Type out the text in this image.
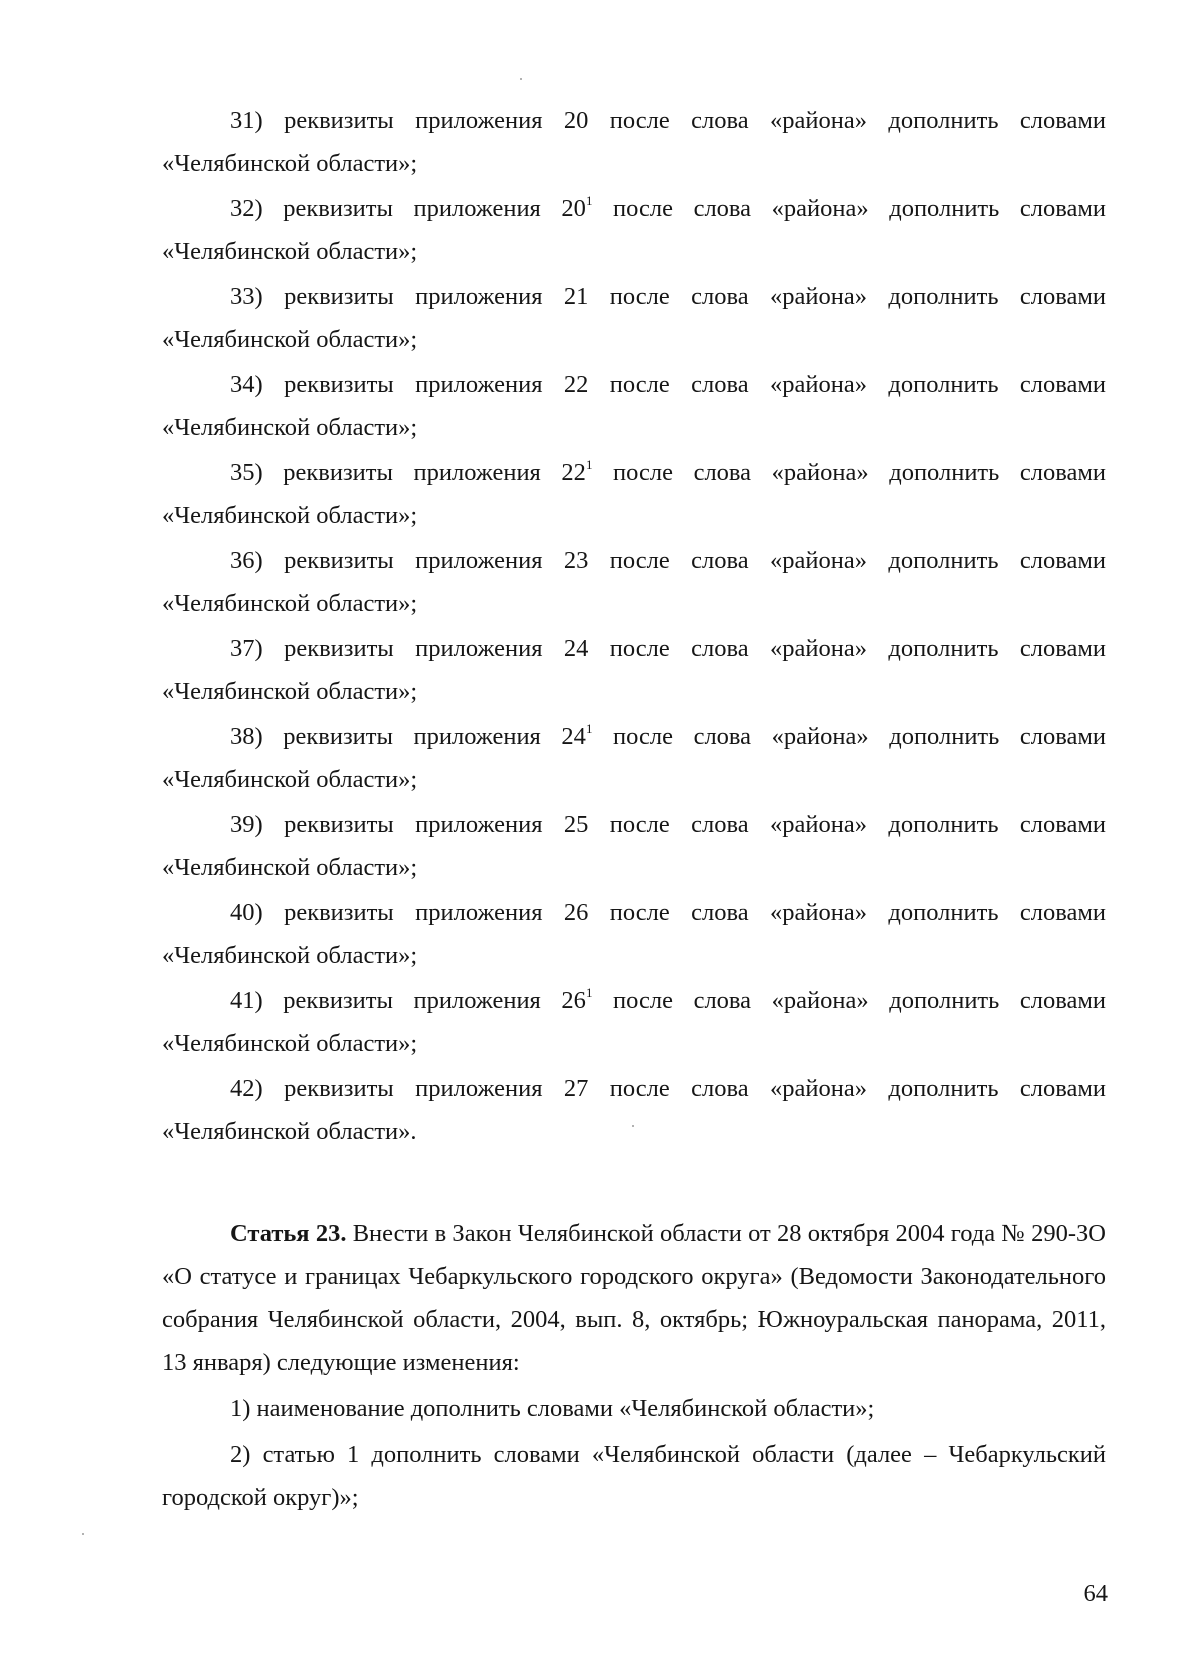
31) реквизиты приложения 20 после слова «района» дополнить словами «Челябинской области»;

32) реквизиты приложения $20^1$ после слова «района» дополнить словами «Челябинской области»;

33) реквизиты приложения 21 после слова «района» дополнить словами «Челябинской области»;

34) реквизиты приложения 22 после слова «района» дополнить словами «Челябинской области»;

35) реквизиты приложения $22^1$ после слова «района» дополнить словами «Челябинской области»;

36) реквизиты приложения 23 после слова «района» дополнить словами «Челябинской области»;

37) реквизиты приложения 24 после слова «района» дополнить словами «Челябинской области»;

38) реквизиты приложения $24^1$ после слова «района» дополнить словами «Челябинской области»;

39) реквизиты приложения 25 после слова «района» дополнить словами «Челябинской области»;

40) реквизиты приложения 26 после слова «района» дополнить словами «Челябинской области»;

41) реквизиты приложения $26^1$ после слова «района» дополнить словами «Челябинской области»;

42) реквизиты приложения 27 после слова «района» дополнить словами «Челябинской области».

Статья 23. Внести в Закон Челябинской области от 28 октября 2004 года № 290-ЗО «О статусе и границах Чебаркульского городского округа» (Ведомости Законодательного собрания Челябинской области, 2004, вып. 8, октябрь; Южноуральская панорама, 2011, 13 января) следующие изменения:

1) наименование дополнить словами «Челябинской области»;

2) статью 1 дополнить словами «Челябинской области (далее – Чебаркульский городской округ)»;

64
